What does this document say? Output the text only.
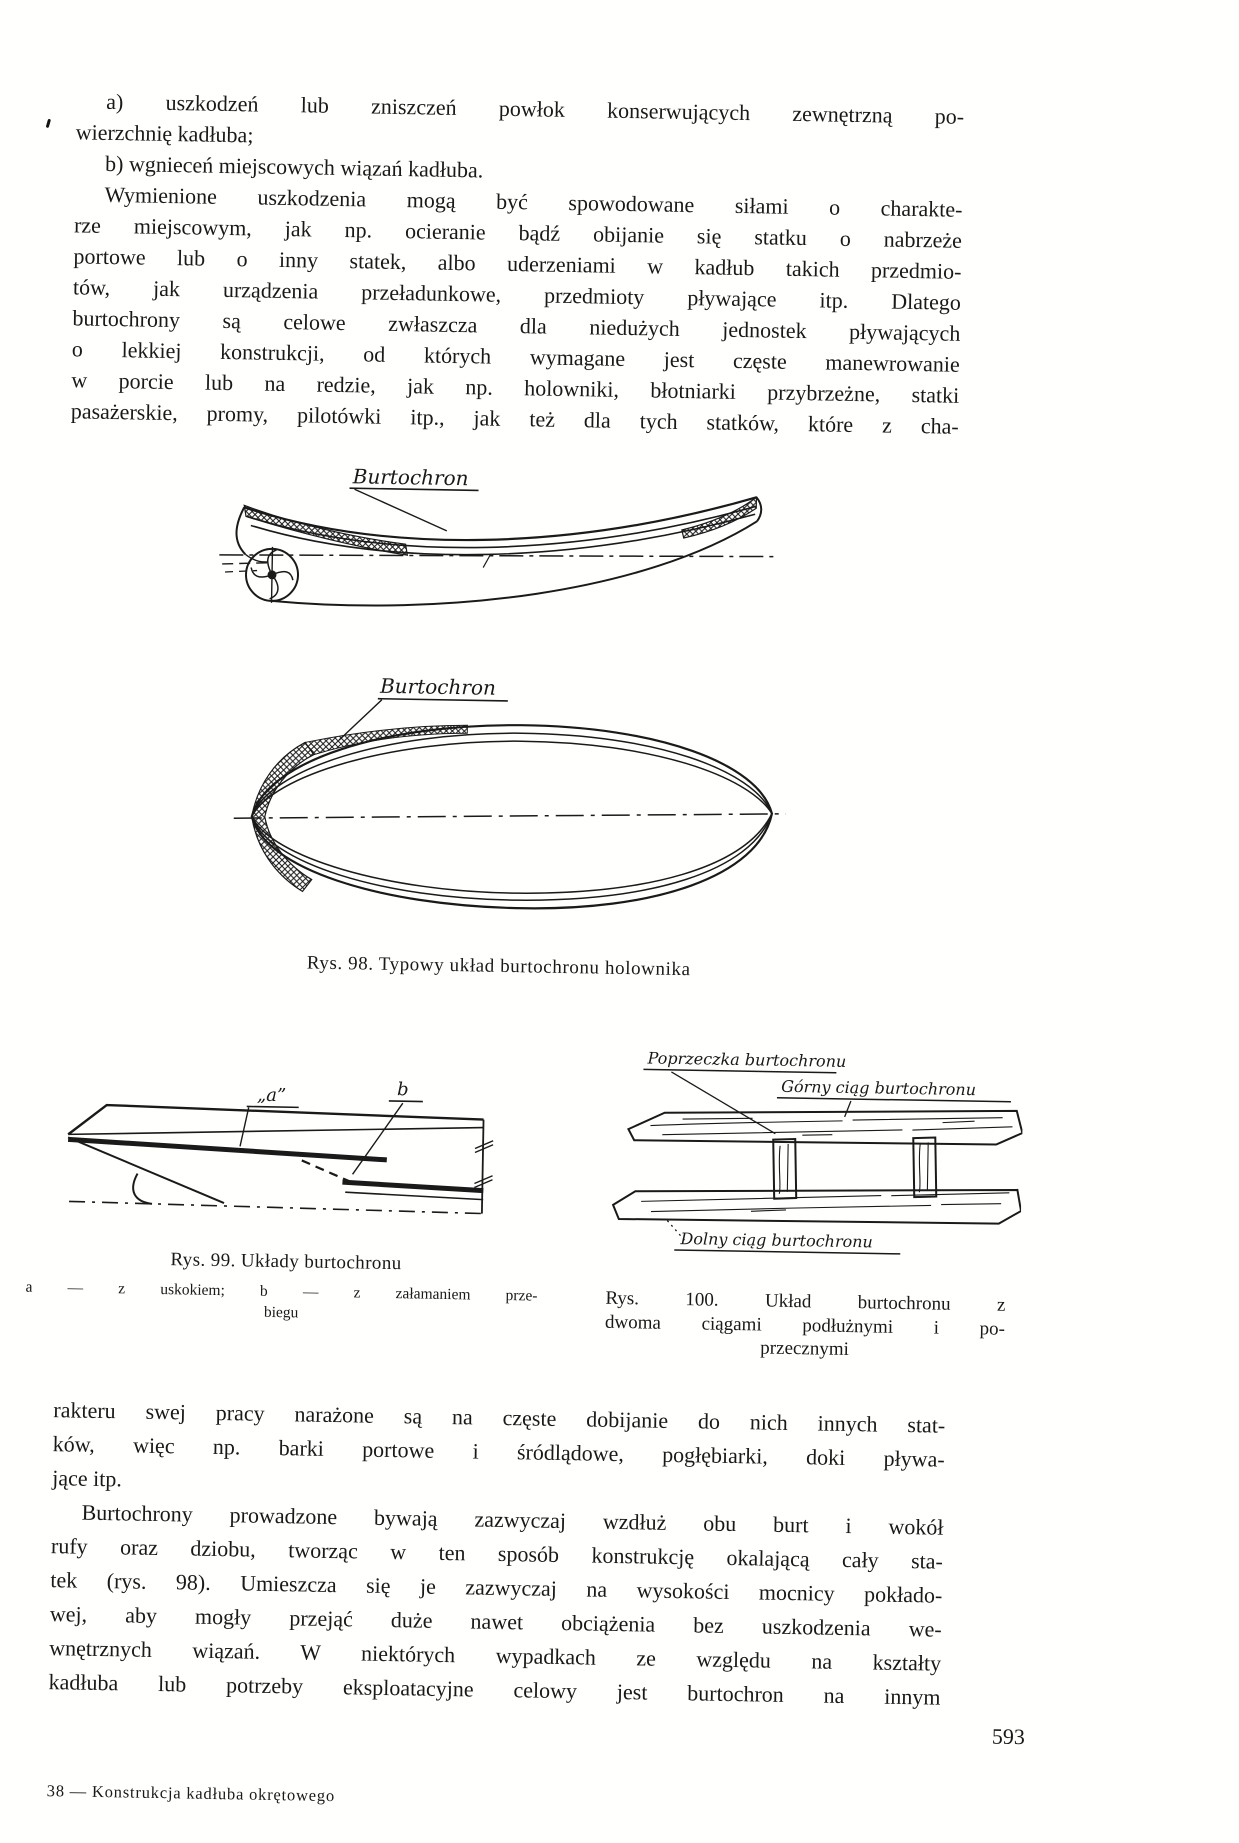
a) uszkodzeń lub zniszczeń powłok konserwujących zewnętrzną po-
wierzchnię kadłuba;
b) wgnieceń miejscowych wiązań kadłuba.
Wymienione uszkodzenia mogą być spowodowane siłami o charakte-
rze miejscowym, jak np. ocieranie bądź obijanie się statku o nabrzeże
portowe lub o inny statek, albo uderzeniami w kadłub takich przedmio-
tów, jak urządzenia przeładunkowe, przedmioty pływające itp. Dlatego
burtochrony są celowe zwłaszcza dla niedużych jednostek pływających
o lekkiej konstrukcji, od których wymagane jest częste manewrowanie
w porcie lub na redzie, jak np. holowniki, błotniarki przybrzeżne, statki
pasażerskie, promy, pilotówki itp., jak też dla tych statków, które z cha-
Burtochron
Burtochron
Rys. 98. Typowy układ burtochronu holownika
„a”	b
Rys. 99. Układy burtochronu
a — z uskokiem; b — z załamaniem prze-
biegu
Poprzeczka burtochronu
Górny ciąg burtochronu
Dolny ciąg burtochronu
Rys. 100. Układ burtochronu z
dwoma ciągami podłużnymi i po-
przecznymi
rakteru swej pracy narażone są na częste dobijanie do nich innych stat-
ków, więc np. barki portowe i śródlądowe, pogłębiarki, doki pływa-
jące itp.
Burtochrony prowadzone bywają zazwyczaj wzdłuż obu burt i wokół
rufy oraz dziobu, tworząc w ten sposób konstrukcję okalającą cały sta-
tek (rys. 98). Umieszcza się je zazwyczaj na wysokości mocnicy pokłado-
wej, aby mogły przejąć duże nawet obciążenia bez uszkodzenia we-
wnętrznych wiązań. W niektórych wypadkach ze względu na kształty
kadłuba lub potrzeby eksploatacyjne celowy jest burtochron na innym
38 — Konstrukcja kadłuba okrętowego
593
